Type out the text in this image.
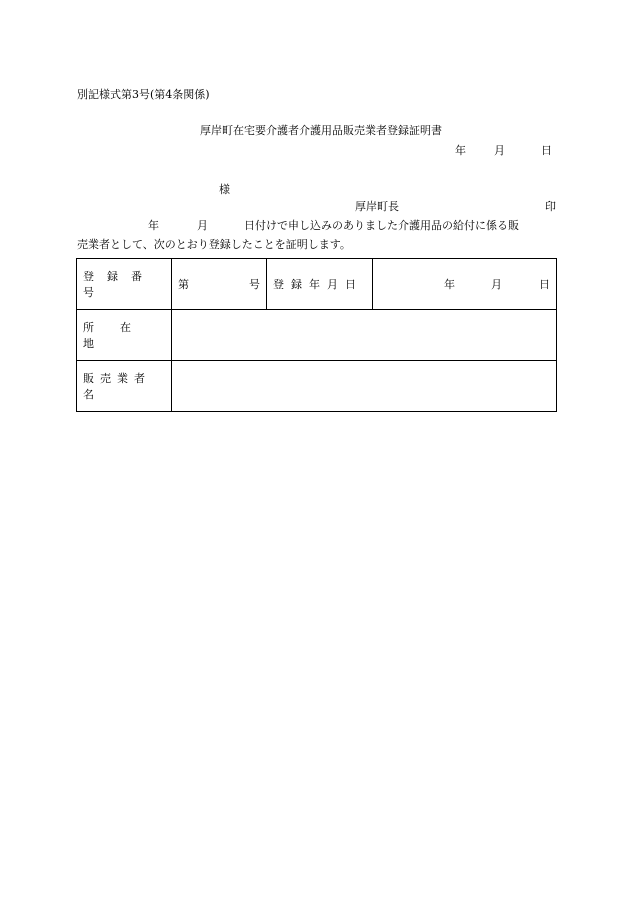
別記様式第3号(第4条関係)
厚岸町在宅要介護者介護用品販売業者登録証明書
年	月	日
様
厚岸町長	印
年	月	日付けで申し込みのありました介護用品の給付に係る販
売業者として、次のとおり登録したことを証明します。
登録番号	第 号	登録年月日	年 月 日

所在地			

販売業者名			
